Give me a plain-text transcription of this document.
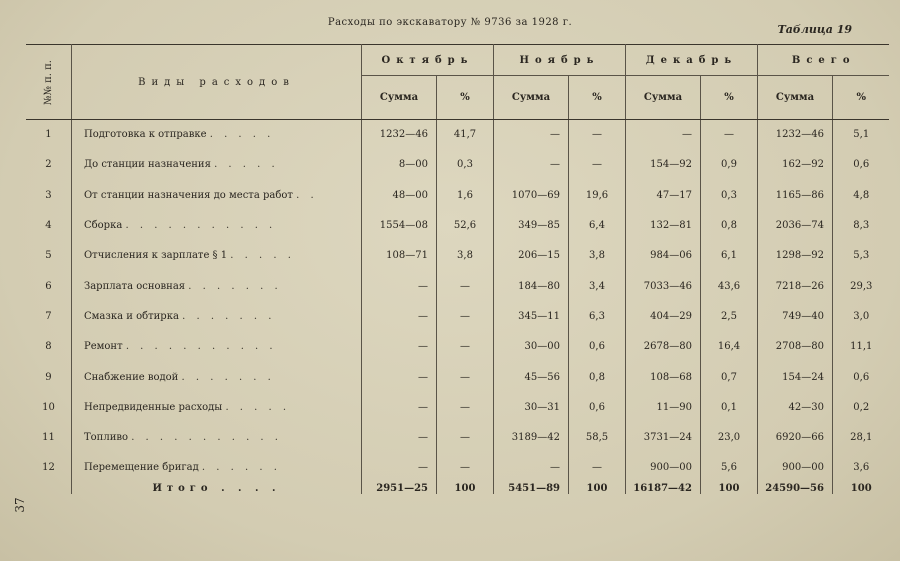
Расходы по экскаватору № 9736 за 1928 г.
Таблица 19
37
№№ п. п.	Виды расходов	Октябрь		Ноябрь		Декабрь		Всего	
		Сумма	%	Сумма	%	Сумма	%	Сумма	%
1	Подготовка к отправке . . . . .	1232—46	41,7	—	—	—	—	1232—46	5,1
2	До станции назначения . . . . .	8—00	0,3	—	—	154—92	0,9	162—92	0,6
3	От станции назначения до места работ . .	48—00	1,6	1070—69	19,6	47—17	0,3	1165—86	4,8
4	Сборка . . . . . . . . . . .	1554—08	52,6	349—85	6,4	132—81	0,8	2036—74	8,3
5	Отчисления к зарплате § 1 . . . . .	108—71	3,8	206—15	3,8	984—06	6,1	1298—92	5,3
6	Зарплата основная . . . . . . .	—	—	184—80	3,4	7033—46	43,6	7218—26	29,3
7	Смазка и обтирка . . . . . . .	—	—	345—11	6,3	404—29	2,5	749—40	3,0
8	Ремонт . . . . . . . . . . .	—	—	30—00	0,6	2678—80	16,4	2708—80	11,1
9	Снабжение водой . . . . . . .	—	—	45—56	0,8	108—68	0,7	154—24	0,6
10	Непредвиденные расходы . . . . .	—	—	30—31	0,6	11—90	0,1	42—30	0,2
11	Топливо . . . . . . . . . . .	—	—	3189—42	58,5	3731—24	23,0	6920—66	28,1
12	Перемещение бригад . . . . . .	—	—	—	—	900—00	5,6	900—00	3,6
	Итого . . . .	2951—25	100	5451—89	100	16187—42	100	24590—56	100
